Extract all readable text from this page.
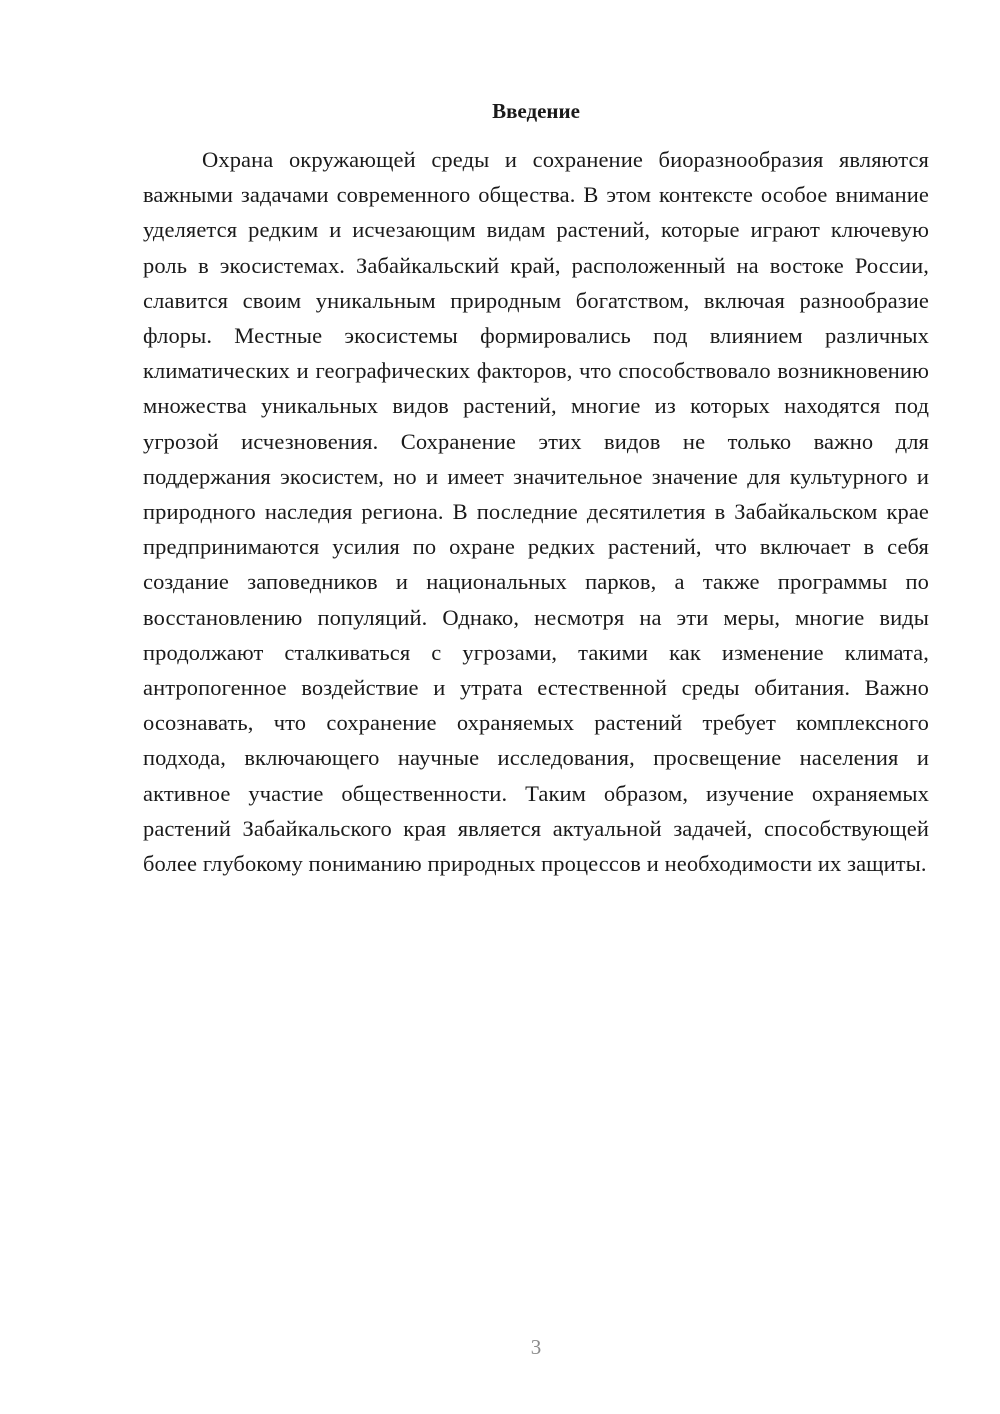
Введение

Охрана окружающей среды и сохранение биоразнообразия являются важными задачами современного общества. В этом контексте особое внимание уделяется редким и исчезающим видам растений, которые играют ключевую роль в экосистемах. Забайкальский край, расположенный на востоке России, славится своим уникальным природным богатством, включая разнообразие флоры. Местные экосистемы формировались под влиянием различных климатических и географических факторов, что способствовало возникновению множества уникальных видов растений, многие из которых находятся под угрозой исчезновения. Сохранение этих видов не только важно для поддержания экосистем, но и имеет значительное значение для культурного и природного наследия региона. В последние десятилетия в Забайкальском крае предпринимаются усилия по охране редких растений, что включает в себя создание заповедников и национальных парков, а также программы по восстановлению популяций. Однако, несмотря на эти меры, многие виды продолжают сталкиваться с угрозами, такими как изменение климата, антропогенное воздействие и утрата естественной среды обитания. Важно осознавать, что сохранение охраняемых растений требует комплексного подхода, включающего научные исследования, просвещение населения и активное участие общественности. Таким образом, изучение охраняемых растений Забайкальского края является актуальной задачей, способствующей более глубокому пониманию природных процессов и необходимости их защиты.

3
